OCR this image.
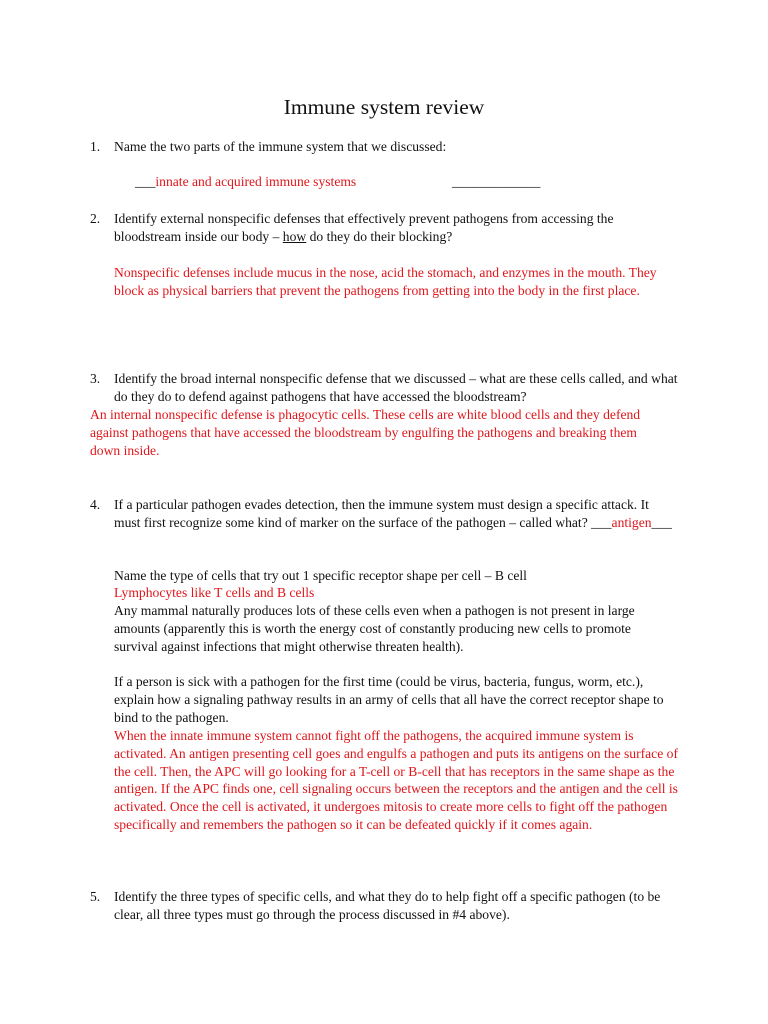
Immune system review
1. Name the two parts of the immune system that we discussed:
___innate and acquired immune systems	_____________
2. Identify external nonspecific defenses that effectively prevent pathogens from accessing the bloodstream inside our body – how do they do their blocking?
Nonspecific defenses include mucus in the nose, acid the stomach, and enzymes in the mouth. They block as physical barriers that prevent the pathogens from getting into the body in the first place.
3. Identify the broad internal nonspecific defense that we discussed – what are these cells called, and what do they do to defend against pathogens that have accessed the bloodstream?
An internal nonspecific defense is phagocytic cells. These cells are white blood cells and they defend against pathogens that have accessed the bloodstream by engulfing the pathogens and breaking them down inside.
4. If a particular pathogen evades detection, then the immune system must design a specific attack. It must first recognize some kind of marker on the surface of the pathogen – called what? ___antigen___
Name the type of cells that try out 1 specific receptor shape per cell – B cell
Lymphocytes like T cells and B cells
Any mammal naturally produces lots of these cells even when a pathogen is not present in large amounts (apparently this is worth the energy cost of constantly producing new cells to promote survival against infections that might otherwise threaten health).
If a person is sick with a pathogen for the first time (could be virus, bacteria, fungus, worm, etc.), explain how a signaling pathway results in an army of cells that all have the correct receptor shape to bind to the pathogen.
When the innate immune system cannot fight off the pathogens, the acquired immune system is activated. An antigen presenting cell goes and engulfs a pathogen and puts its antigens on the surface of the cell. Then, the APC will go looking for a T-cell or B-cell that has receptors in the same shape as the antigen. If the APC finds one, cell signaling occurs between the receptors and the antigen and the cell is activated. Once the cell is activated, it undergoes mitosis to create more cells to fight off the pathogen specifically and remembers the pathogen so it can be defeated quickly if it comes again.
5. Identify the three types of specific cells, and what they do to help fight off a specific pathogen (to be clear, all three types must go through the process discussed in #4 above).
